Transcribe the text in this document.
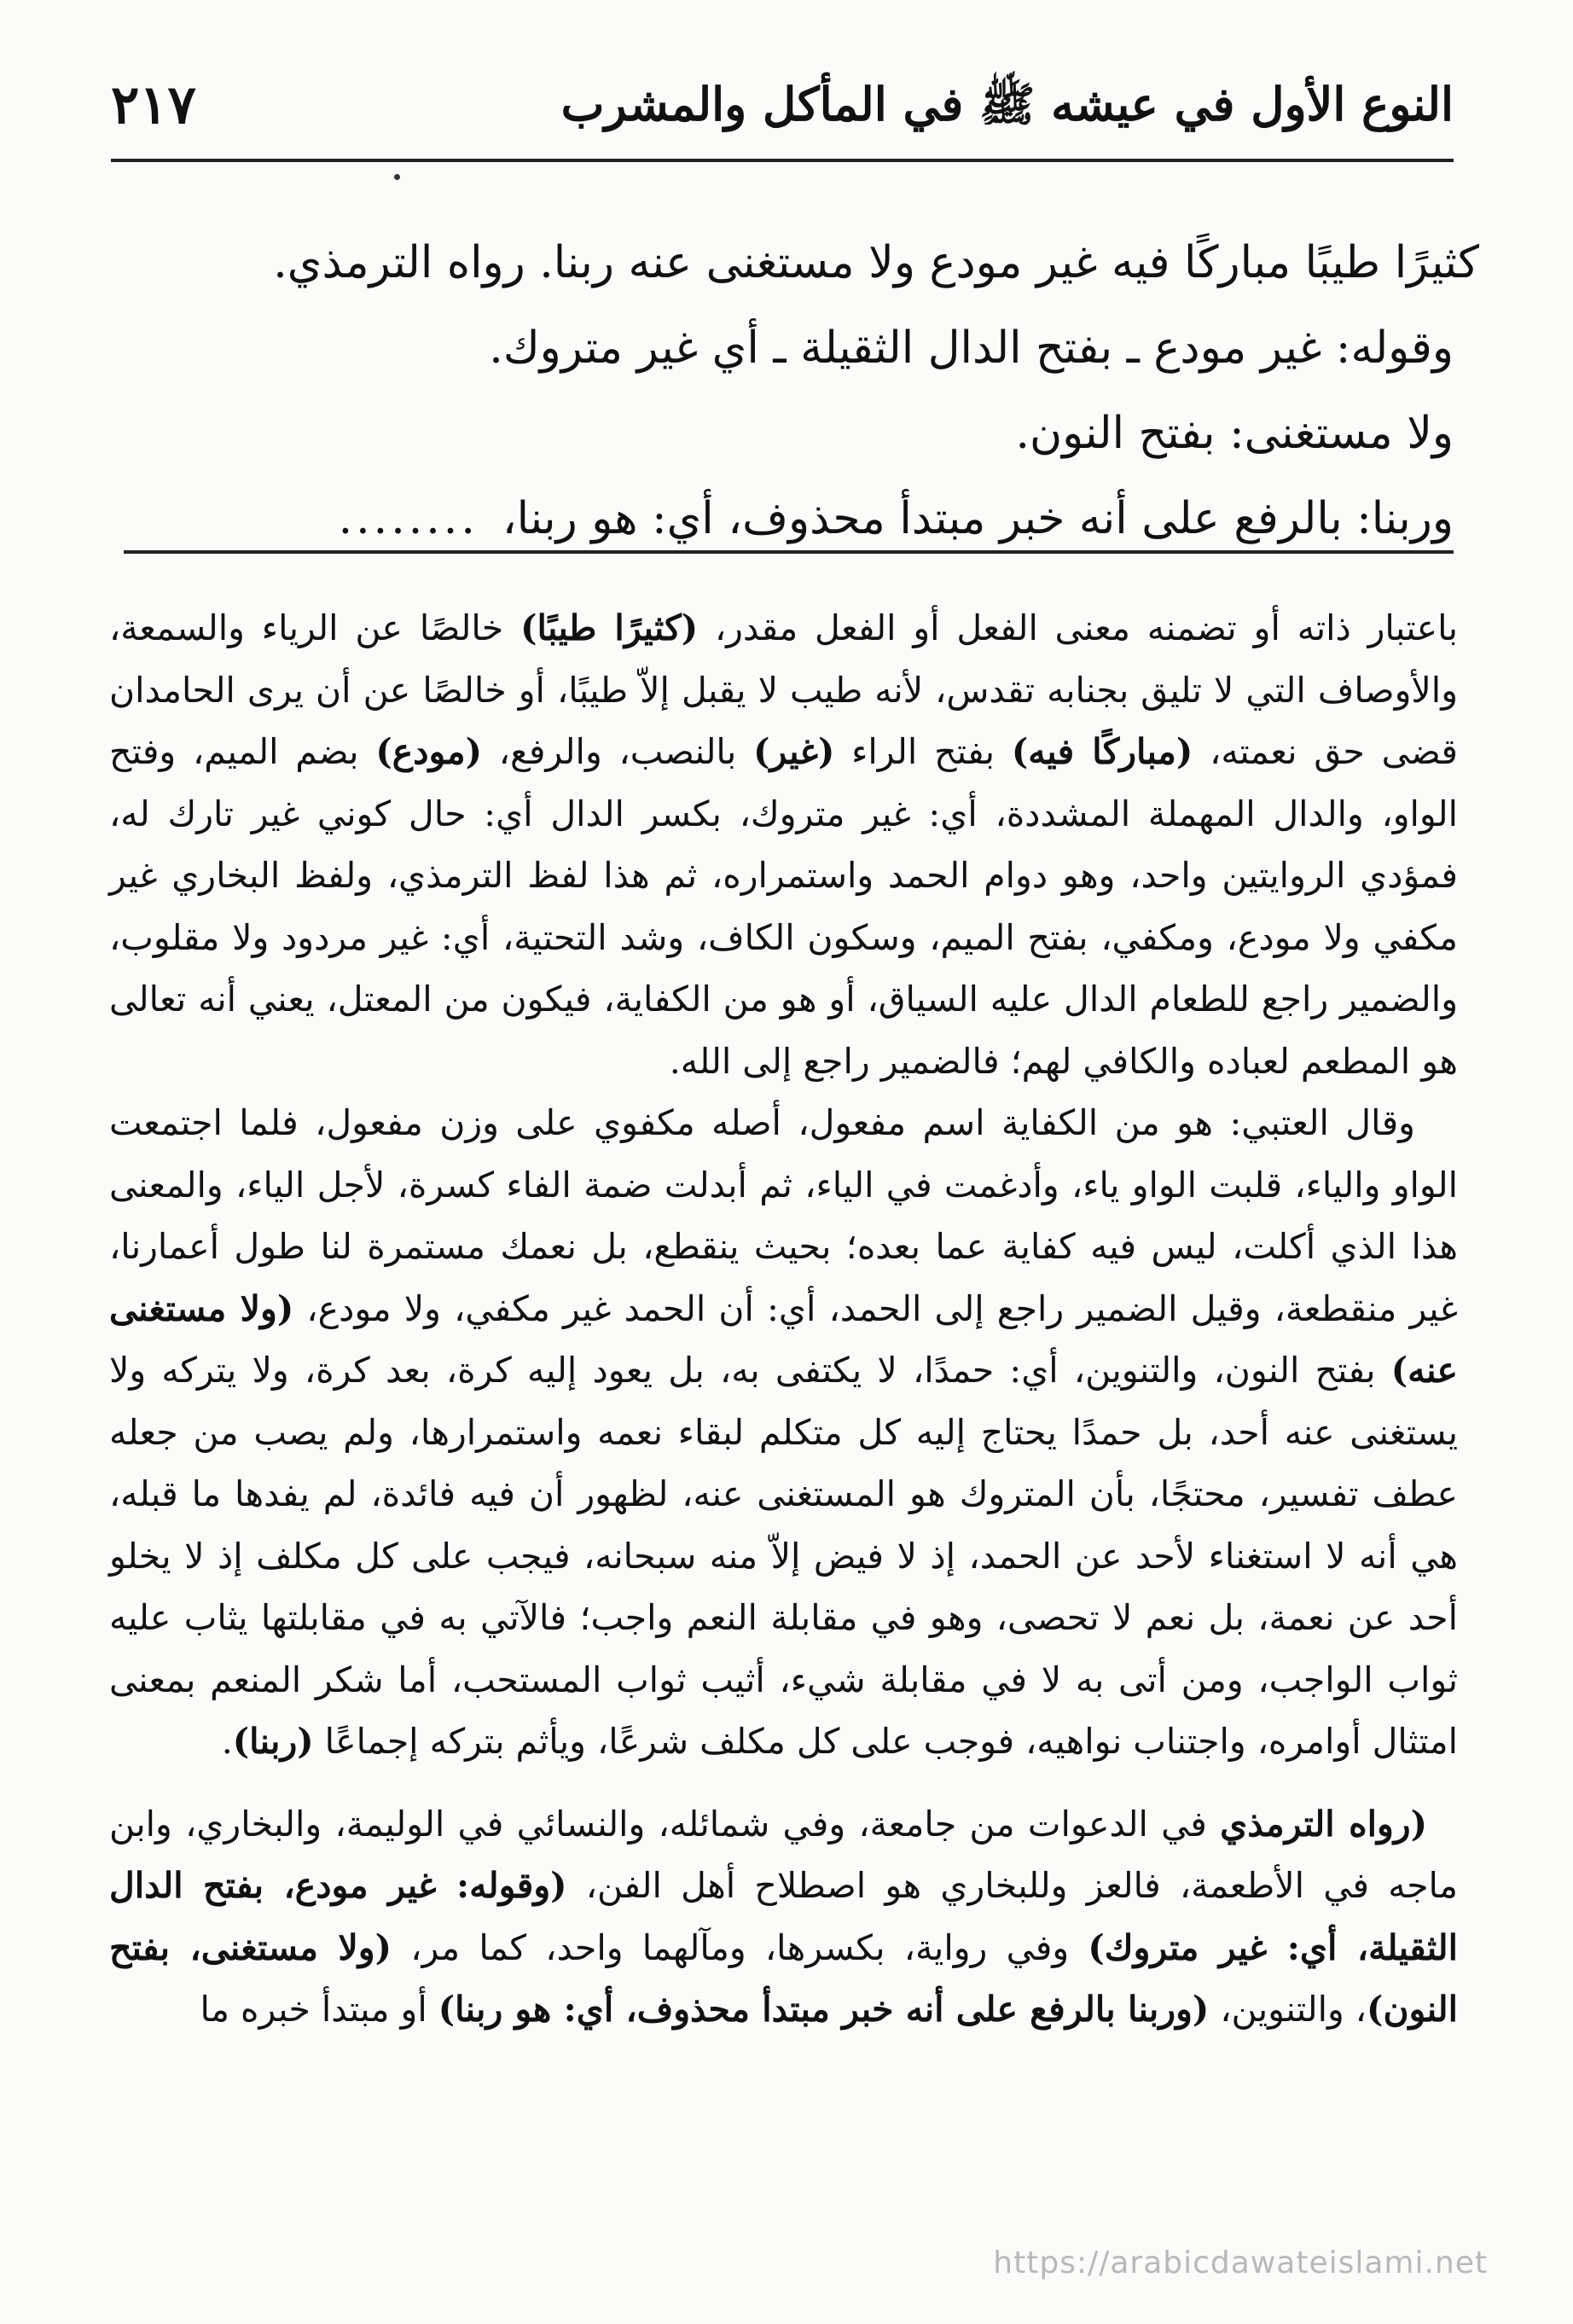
النوع الأول في عيشه ﷺ في المأكل والمشرب
٢١٧

كثيرًا طيبًا مباركًا فيه غير مودع ولا مستغنى عنه ربنا. رواه الترمذي.

وقوله: غير مودع ـ بفتح الدال الثقيلة ـ أي غير متروك.

ولا مستغنى: بفتح النون.

وربنا: بالرفع على أنه خبر مبتدأ محذوف، أي: هو ربنا،........

باعتبار ذاته أو تضمنه معنى الفعل أو الفعل مقدر، (كثيرًا طيبًا) خالصًا عن الرياء والسمعة، والأوصاف التي لا تليق بجنابه تقدس، لأنه طيب لا يقبل إلاّ طيبًا، أو خالصًا عن أن يرى الحامدان قضى حق نعمته، (مباركًا فيه) بفتح الراء (غير) بالنصب، والرفع، (مودع) بضم الميم، وفتح الواو، والدال المهملة المشددة، أي: غير متروك، بكسر الدال أي: حال كوني غير تارك له، فمؤدي الروايتين واحد، وهو دوام الحمد واستمراره، ثم هذا لفظ الترمذي، ولفظ البخاري غير مكفي ولا مودع، ومكفي، بفتح الميم، وسكون الكاف، وشد التحتية، أي: غير مردود ولا مقلوب، والضمير راجع للطعام الدال عليه السياق، أو هو من الكفاية، فيكون من المعتل، يعني أنه تعالى هو المطعم لعباده والكافي لهم؛ فالضمير راجع إلى الله.

وقال العتبي: هو من الكفاية اسم مفعول، أصله مكفوي على وزن مفعول، فلما اجتمعت الواو والياء، قلبت الواو ياء، وأدغمت في الياء، ثم أبدلت ضمة الفاء كسرة، لأجل الياء، والمعنى هذا الذي أكلت، ليس فيه كفاية عما بعده؛ بحيث ينقطع، بل نعمك مستمرة لنا طول أعمارنا، غير منقطعة، وقيل الضمير راجع إلى الحمد، أي: أن الحمد غير مكفي، ولا مودع، (ولا مستغنى عنه) بفتح النون، والتنوين، أي: حمدًا، لا يكتفى به، بل يعود إليه كرة، بعد كرة، ولا يتركه ولا يستغنى عنه أحد، بل حمدًا يحتاج إليه كل متكلم لبقاء نعمه واستمرارها، ولم يصب من جعله عطف تفسير، محتجًا، بأن المتروك هو المستغنى عنه، لظهور أن فيه فائدة، لم يفدها ما قبله، هي أنه لا استغناء لأحد عن الحمد، إذ لا فيض إلاّ منه سبحانه، فيجب على كل مكلف إذ لا يخلو أحد عن نعمة، بل نعم لا تحصى، وهو في مقابلة النعم واجب؛ فالآتي به في مقابلتها يثاب عليه ثواب الواجب، ومن أتى به لا في مقابلة شيء، أثيب ثواب المستحب، أما شكر المنعم بمعنى امتثال أوامره، واجتناب نواهيه، فوجب على كل مكلف شرعًا، ويأثم بتركه إجماعًا (ربنا).

(رواه الترمذي في الدعوات من جامعة، وفي شمائله، والنسائي في الوليمة، والبخاري، وابن ماجه في الأطعمة، فالعز وللبخاري هو اصطلاح أهل الفن، (وقوله: غير مودع، بفتح الدال الثقيلة، أي: غير متروك) وفي رواية، بكسرها، ومآلهما واحد، كما مر، (ولا مستغنى، بفتح النون)، والتنوين، (وربنا بالرفع على أنه خبر مبتدأ محذوف، أي: هو ربنا) أو مبتدأ خبره ما

https://arabicdawateislami.net
